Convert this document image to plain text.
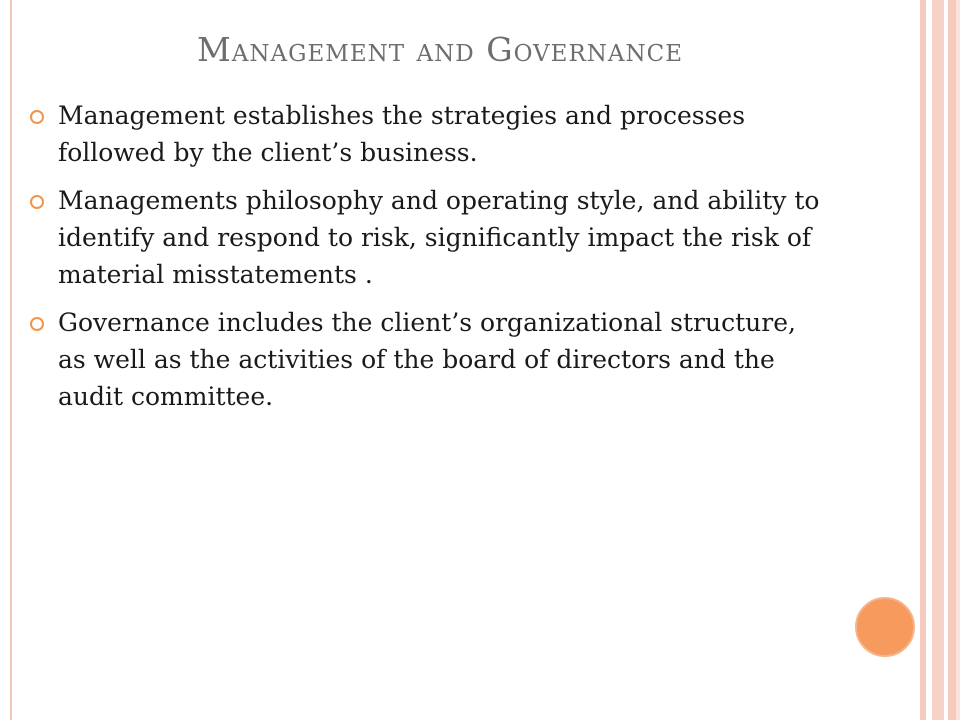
Management and Governance
Management establishes the strategies and processes followed by the client’s business.
Managements philosophy and operating style, and ability to identify and respond to risk, significantly impact the risk of material misstatements .
Governance includes the client’s organizational structure, as well as the activities of the board of directors and the audit committee.
